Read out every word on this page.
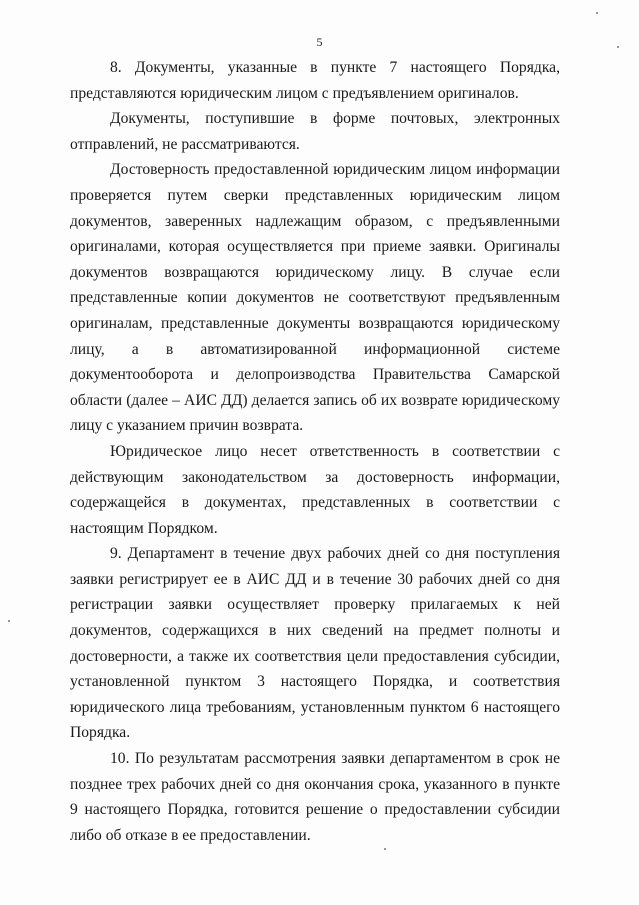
5

8. Документы, указанные в пункте 7 настоящего Порядка, представляются юридическим лицом с предъявлением оригиналов.

Документы, поступившие в форме почтовых, электронных отправлений, не рассматриваются.

Достоверность предоставленной юридическим лицом информации проверяется путем сверки представленных юридическим лицом документов, заверенных надлежащим образом, с предъявленными оригиналами, которая осуществляется при приеме заявки. Оригиналы документов возвращаются юридическому лицу. В случае если представленные копии документов не соответствуют предъявленным оригиналам, представленные документы возвращаются юридическому лицу, а в автоматизированной информационной системе документооборота и делопроизводства Правительства Самарской области (далее – АИС ДД) делается запись об их возврате юридическому лицу с указанием причин возврата.

Юридическое лицо несет ответственность в соответствии с действующим законодательством за достоверность информации, содержащейся в документах, представленных в соответствии с настоящим Порядком.

9. Департамент в течение двух рабочих дней со дня поступления заявки регистрирует ее в АИС ДД и в течение 30 рабочих дней со дня регистрации заявки осуществляет проверку прилагаемых к ней документов, содержащихся в них сведений на предмет полноты и достоверности, а также их соответствия цели предоставления субсидии, установленной пунктом 3 настоящего Порядка, и соответствия юридического лица требованиям, установленным пунктом 6 настоящего Порядка.

10. По результатам рассмотрения заявки департаментом в срок не позднее трех рабочих дней со дня окончания срока, указанного в пункте 9 настоящего Порядка, готовится решение о предоставлении субсидии либо об отказе в ее предоставлении.
